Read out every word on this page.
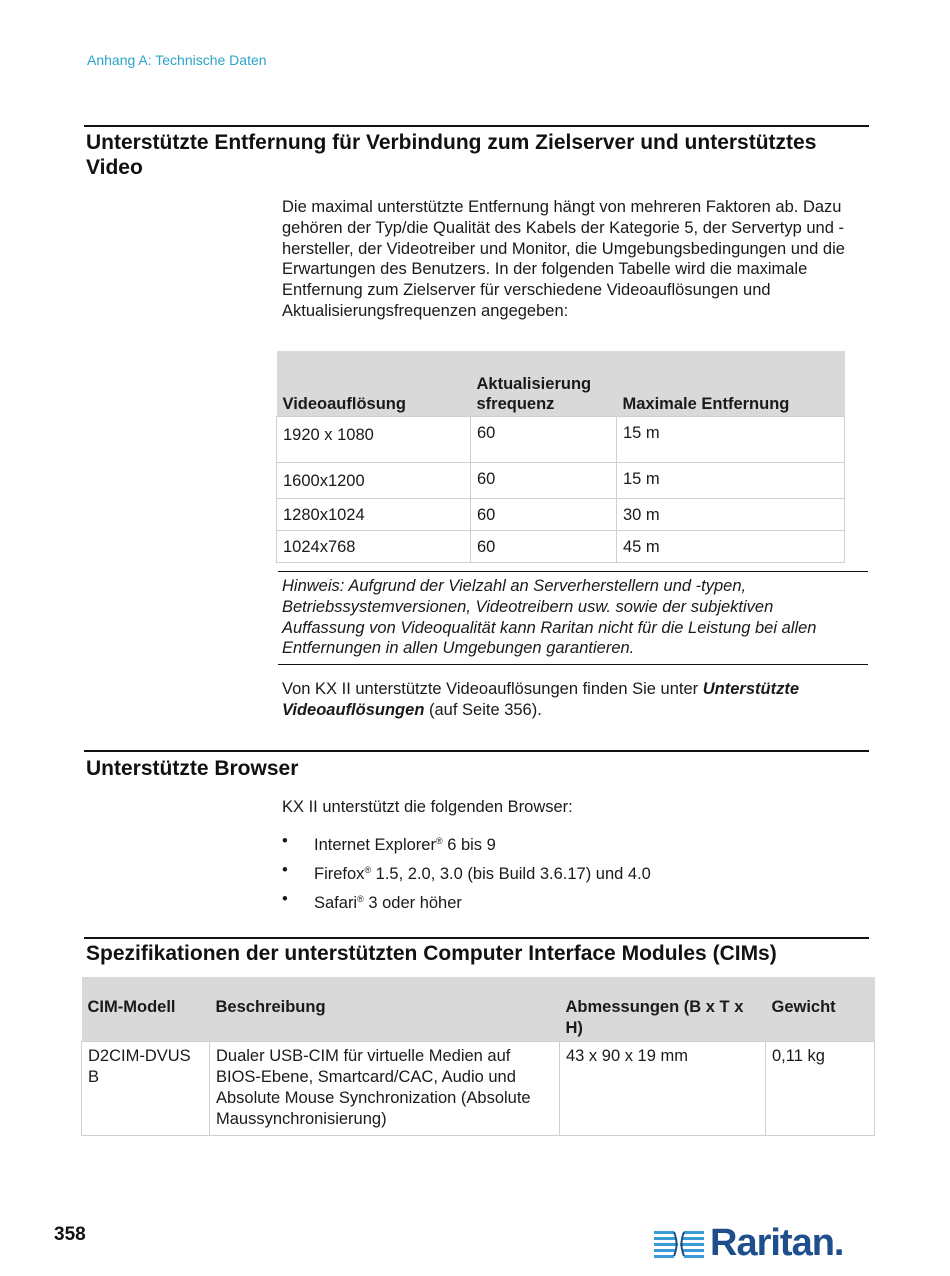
Anhang A: Technische Daten
Unterstützte Entfernung für Verbindung zum Zielserver und unterstütztes Video
Die maximal unterstützte Entfernung hängt von mehreren Faktoren ab. Dazu gehören der Typ/die Qualität des Kabels der Kategorie 5, der Servertyp und -hersteller, der Videotreiber und Monitor, die Umgebungsbedingungen und die Erwartungen des Benutzers. In der folgenden Tabelle wird die maximale Entfernung zum Zielserver für verschiedene Videoauflösungen und Aktualisierungsfrequenzen angegeben:
Videoauflösung	Aktualisierung sfrequenz	Maximale Entfernung
1920 x 1080	60	15 m
1600x1200	60	15 m
1280x1024	60	30 m
1024x768	60	45 m
Hinweis: Aufgrund der Vielzahl an Serverherstellern und -typen, Betriebssystemversionen, Videotreibern usw. sowie der subjektiven Auffassung von Videoqualität kann Raritan nicht für die Leistung bei allen Entfernungen in allen Umgebungen garantieren.
Von KX II unterstützte Videoauflösungen finden Sie unter Unterstützte Videoauflösungen (auf Seite 356).
Unterstützte Browser
KX II unterstützt die folgenden Browser:
• Internet Explorer® 6 bis 9
• Firefox® 1.5, 2.0, 3.0 (bis Build 3.6.17) und 4.0
• Safari® 3 oder höher
Spezifikationen der unterstützten Computer Interface Modules (CIMs)
CIM-Modell	Beschreibung	Abmessungen (B x T x H)	Gewicht
D2CIM-DVUS B	Dualer USB-CIM für virtuelle Medien auf BIOS-Ebene, Smartcard/CAC, Audio und Absolute Mouse Synchronization (Absolute Maussynchronisierung)	43 x 90 x 19 mm	0,11 kg
358	Raritan.
